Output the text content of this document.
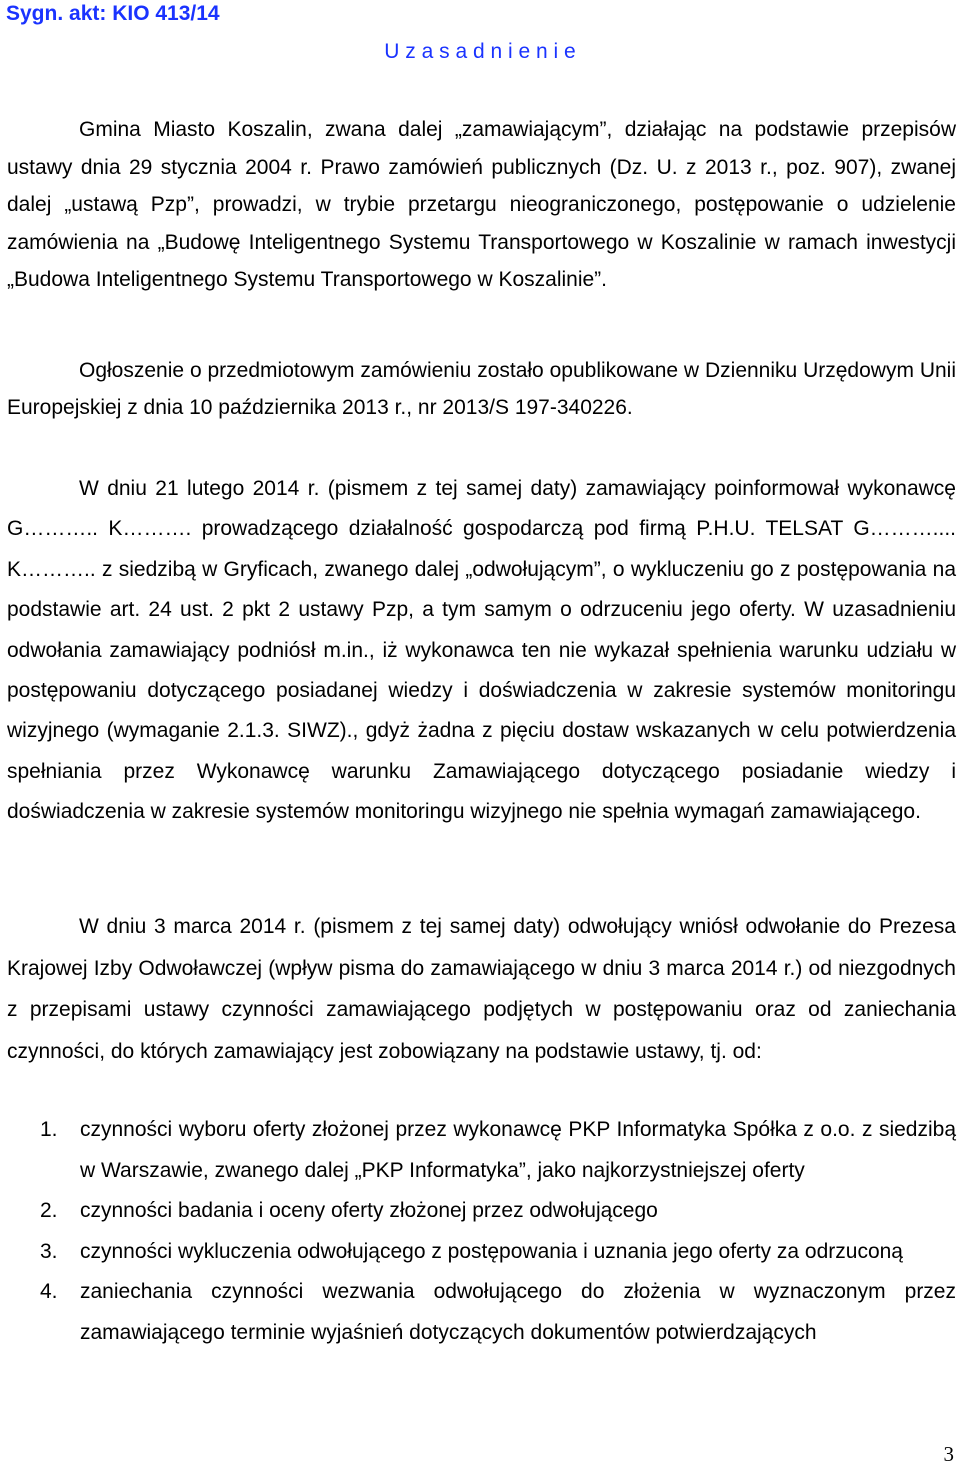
Sygn. akt: KIO 413/14
U z a s a d n i e n i e

Gmina Miasto Koszalin, zwana dalej „zamawiającym”, działając na podstawie przepisów ustawy dnia 29 stycznia 2004 r. Prawo zamówień publicznych (Dz. U. z 2013 r., poz. 907), zwanej dalej „ustawą Pzp”, prowadzi, w trybie przetargu nieograniczonego, postępowanie o udzielenie zamówienia na „Budowę Inteligentnego Systemu Transportowego w Koszalinie w ramach inwestycji „Budowa Inteligentnego Systemu Transportowego w Koszalinie”.

Ogłoszenie o przedmiotowym zamówieniu zostało opublikowane w Dzienniku Urzędowym Unii Europejskiej z dnia 10 października 2013 r., nr 2013/S 197-340226.

W dniu 21 lutego 2014 r. (pismem z tej samej daty) zamawiający poinformował wykonawcę G……….. K………. prowadzącego działalność gospodarczą pod firmą P.H.U. TELSAT G……….... K……….. z siedzibą w Gryficach, zwanego dalej „odwołującym”, o wykluczeniu go z postępowania na podstawie art. 24 ust. 2 pkt 2 ustawy Pzp, a tym samym o odrzuceniu jego oferty. W uzasadnieniu odwołania zamawiający podniósł m.in., iż wykonawca ten nie wykazał spełnienia warunku udziału w postępowaniu dotyczącego posiadanej wiedzy i doświadczenia w zakresie systemów monitoringu wizyjnego (wymaganie 2.1.3. SIWZ)., gdyż żadna z pięciu dostaw wskazanych w celu potwierdzenia spełniania przez Wykonawcę warunku Zamawiającego dotyczącego posiadanie wiedzy i doświadczenia w zakresie systemów monitoringu wizyjnego nie spełnia wymagań zamawiającego.

W dniu 3 marca 2014 r. (pismem z tej samej daty) odwołujący wniósł odwołanie do Prezesa Krajowej Izby Odwoławczej (wpływ pisma do zamawiającego w dniu 3 marca 2014 r.) od niezgodnych z przepisami ustawy czynności zamawiającego podjętych w postępowaniu oraz od zaniechania czynności, do których zamawiający jest zobowiązany na podstawie ustawy, tj. od:

1. czynności wyboru oferty złożonej przez wykonawcę PKP Informatyka Spółka z o.o. z siedzibą w Warszawie, zwanego dalej „PKP Informatyka”, jako najkorzystniejszej oferty
2. czynności badania i oceny oferty złożonej przez odwołującego
3. czynności wykluczenia odwołującego z postępowania i uznania jego oferty za odrzuconą
4. zaniechania czynności wezwania odwołującego do złożenia w wyznaczonym przez zamawiającego terminie wyjaśnień dotyczących dokumentów potwierdzających
3
